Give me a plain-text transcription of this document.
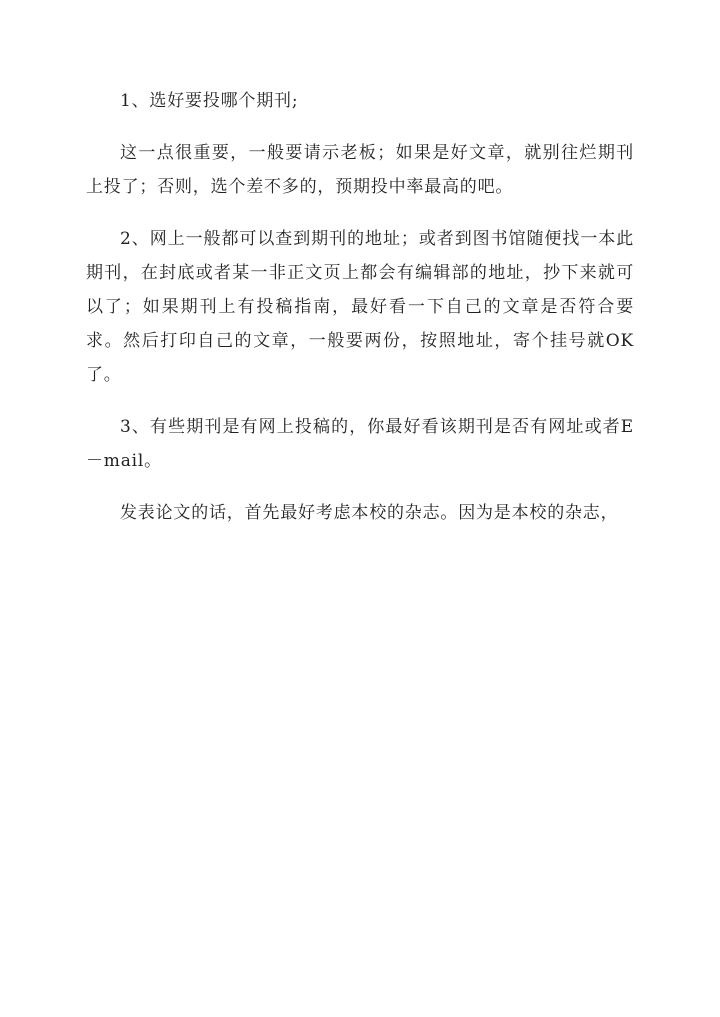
1、选好要投哪个期刊;

这一点很重要，一般要请示老板；如果是好文章，就别往烂期刊上投了；否则，选个差不多的，预期投中率最高的吧。

2、网上一般都可以查到期刊的地址；或者到图书馆随便找一本此期刊，在封底或者某一非正文页上都会有编辑部的地址，抄下来就可以了；如果期刊上有投稿指南，最好看一下自己的文章是否符合要求。然后打印自己的文章，一般要两份，按照地址，寄个挂号就OK了。

3、有些期刊是有网上投稿的，你最好看该期刊是否有网址或者E－mail。

发表论文的话，首先最好考虑本校的杂志。因为是本校的杂志，
